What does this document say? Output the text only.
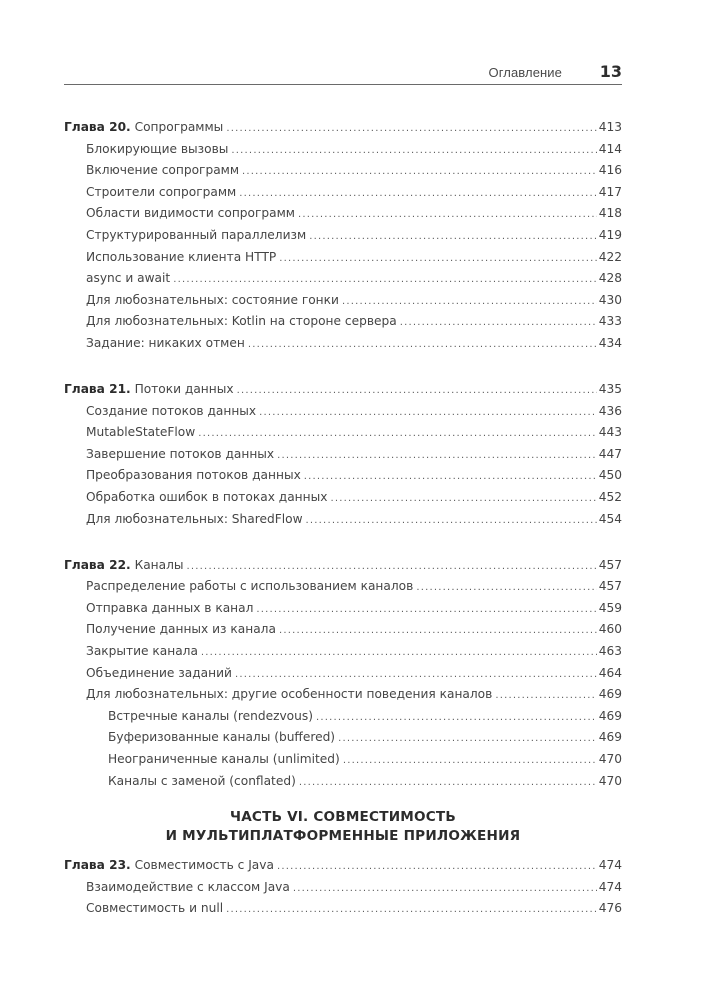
Оглавление 13
Глава 20. Сопрограммы .....	413
Блокирующие вызовы .....	414
Включение сопрограмм .....	416
Строители сопрограмм .....	417
Области видимости сопрограмм .....	418
Структурированный параллелизм .....	419
Использование клиента HTTP .....	422
async и await .....	428
Для любознательных: состояние гонки .....	430
Для любознательных: Kotlin на стороне сервера .....	433
Задание: никаких отмен .....	434
Глава 21. Потоки данных .....	435
Создание потоков данных .....	436
MutableStateFlow .....	443
Завершение потоков данных .....	447
Преобразования потоков данных .....	450
Обработка ошибок в потоках данных .....	452
Для любознательных: SharedFlow .....	454
Глава 22. Каналы .....	457
Распределение работы с использованием каналов .....	457
Отправка данных в канал .....	459
Получение данных из канала .....	460
Закрытие канала .....	463
Объединение заданий .....	464
Для любознательных: другие особенности поведения каналов .....	469
Встречные каналы (rendezvous) .....	469
Буферизованные каналы (buffered) .....	469
Неограниченные каналы (unlimited) .....	470
Каналы с заменой (conflated) .....	470
ЧАСТЬ VI. СОВМЕСТИМОСТЬ
И МУЛЬТИПЛАТФОРМЕННЫЕ ПРИЛОЖЕНИЯ
Глава 23. Совместимость с Java .....	474
Взаимодействие с классом Java .....	474
Совместимость и null .....	476
